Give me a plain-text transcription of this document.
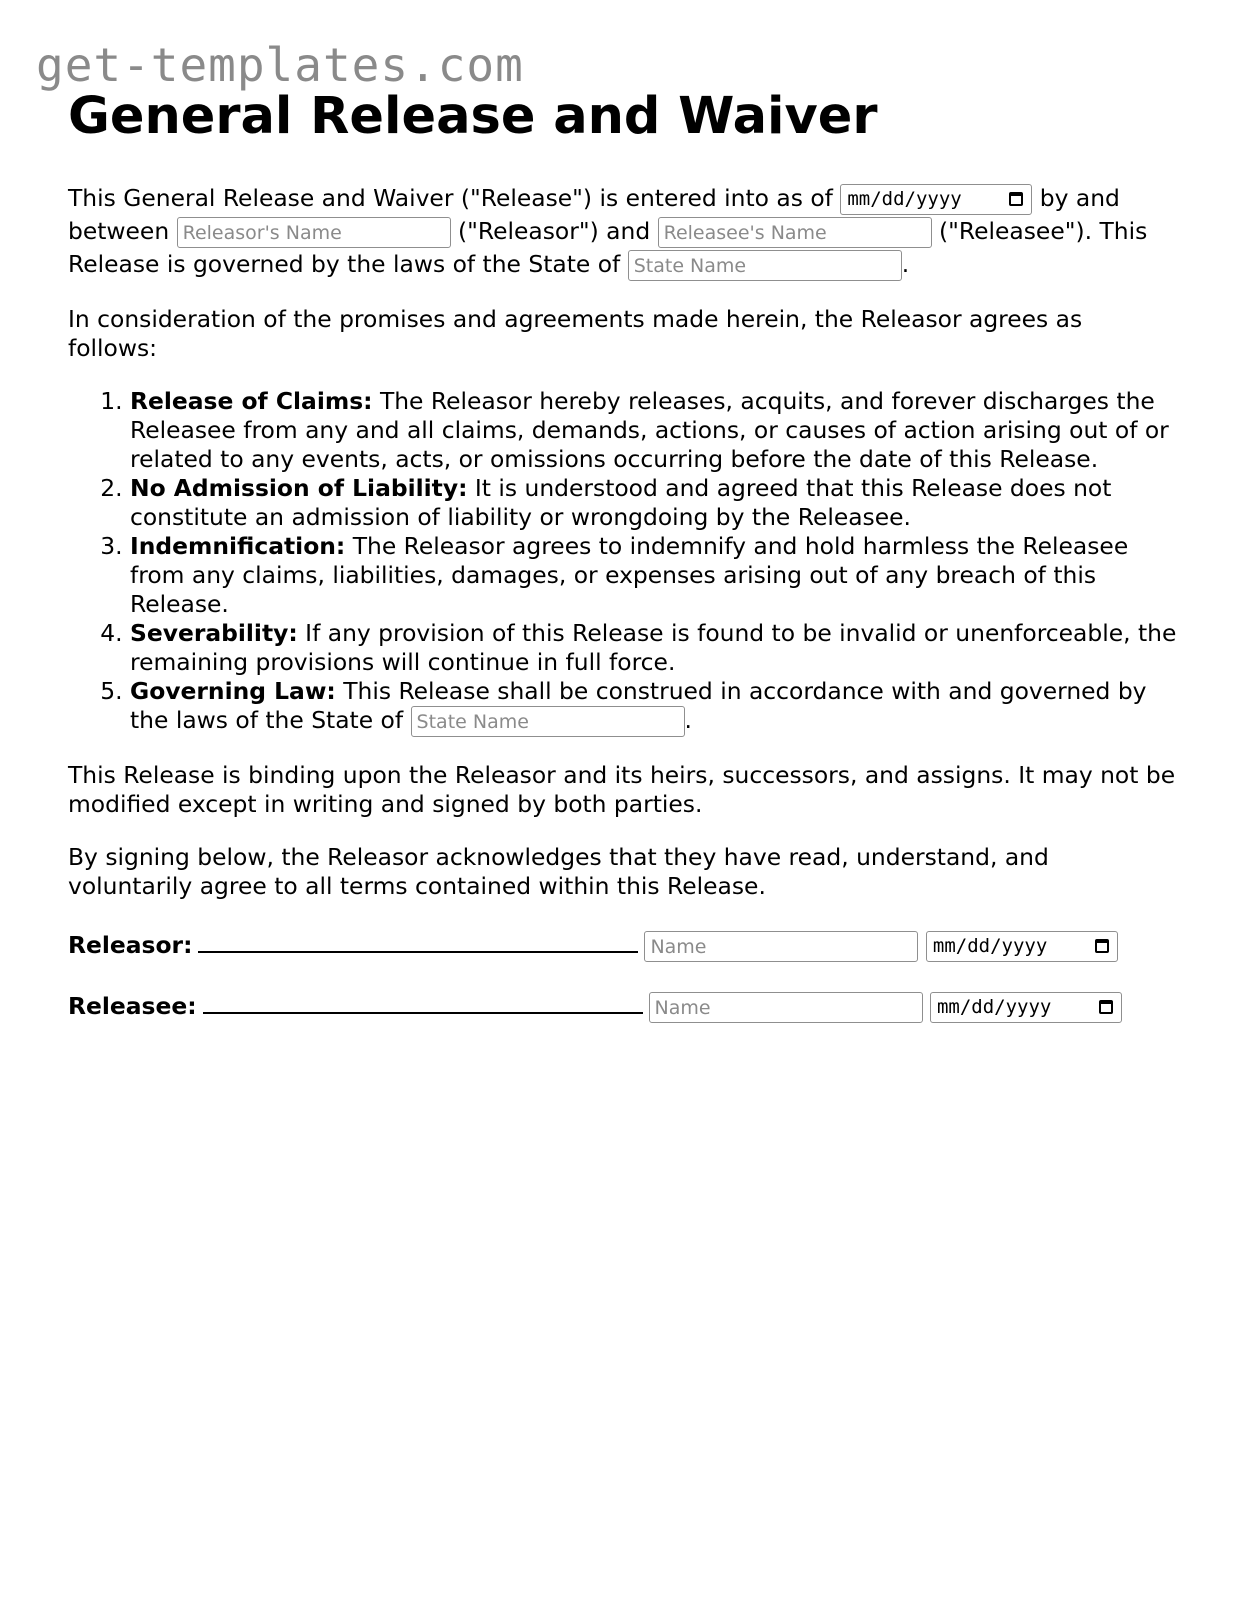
get-templates.com
General Release and Waiver

This General Release and Waiver ("Release") is entered into as of mm/dd/yyyy	by and between Releasor's Name	("Releasor") and Releasee's Name	("Releasee"). This Release is governed by the laws of the State of State Name	.

In consideration of the promises and agreements made herein, the Releasor agrees as follows:

1. Release of Claims: The Releasor hereby releases, acquits, and forever discharges the Releasee from any and all claims, demands, actions, or causes of action arising out of or related to any events, acts, or omissions occurring before the date of this Release.
2. No Admission of Liability: It is understood and agreed that this Release does not constitute an admission of liability or wrongdoing by the Releasee.
3. Indemnification: The Releasor agrees to indemnify and hold harmless the Releasee from any claims, liabilities, damages, or expenses arising out of any breach of this Release.
4. Severability: If any provision of this Release is found to be invalid or unenforceable, the remaining provisions will continue in full force.
5. Governing Law: This Release shall be construed in accordance with and governed by the laws of the State of State Name	.

This Release is binding upon the Releasor and its heirs, successors, and assigns. It may not be modified except in writing and signed by both parties.

By signing below, the Releasor acknowledges that they have read, understand, and voluntarily agree to all terms contained within this Release.

Releasor:Name	mm/dd/yyyy
Releasee:Name	mm/dd/yyyy
